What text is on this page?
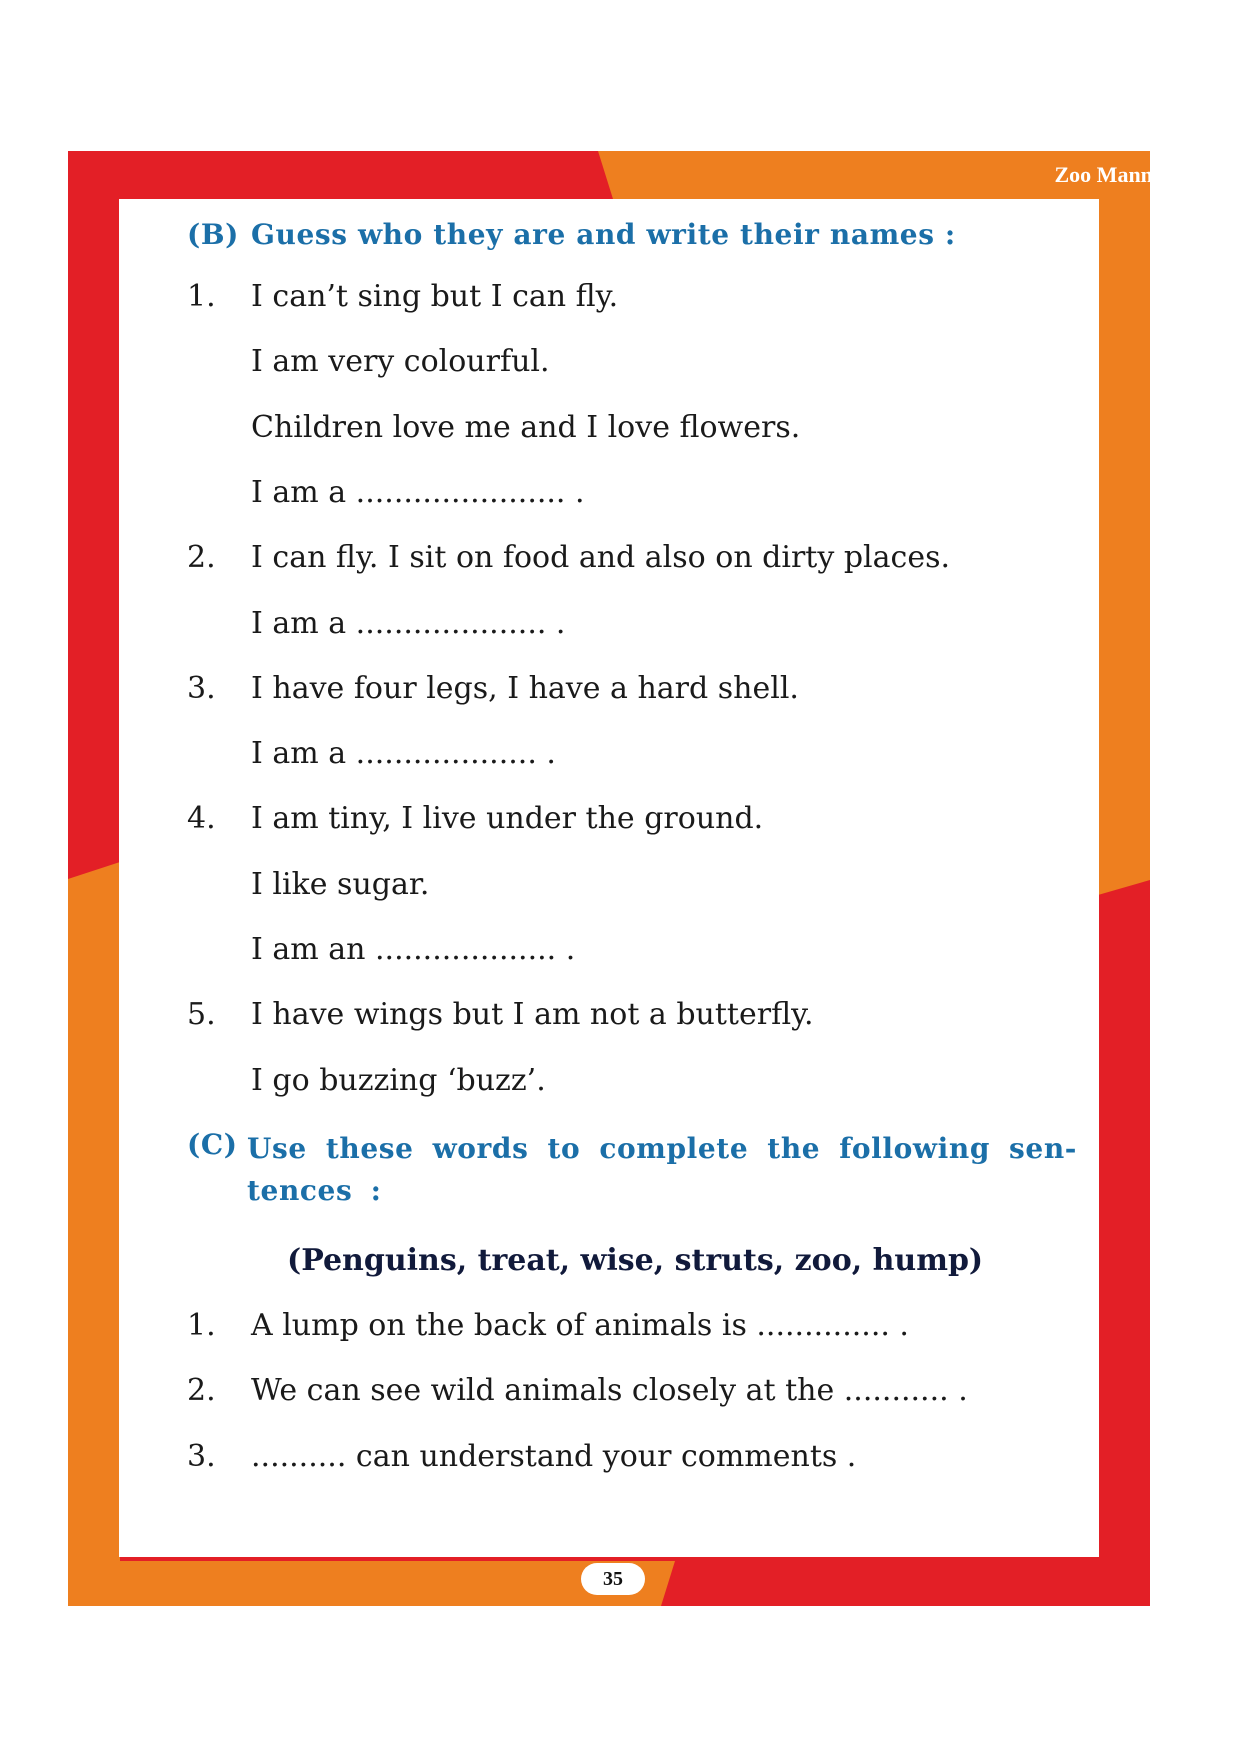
Zoo Manners
(B) Guess who they are and write their names :
1. I can’t sing but I can fly.
I am very colourful.
Children love me and I love flowers.
I am a ...................... .
2. I can fly. I sit on food and also on dirty places.
I am a .................... .
3. I have four legs, I have a hard shell.
I am a ................... .
4. I am tiny, I live under the ground.
I like sugar.
I am an ................... .
5. I have wings but I am not a butterfly.
I go buzzing ‘buzz’.
(C) Use these words to complete the following sen- tences :
(Penguins, treat, wise, struts, zoo, hump)
1. A lump on the back of animals is .............. .
2. We can see wild animals closely at the ........... .
3. .......... can understand your comments .
35
